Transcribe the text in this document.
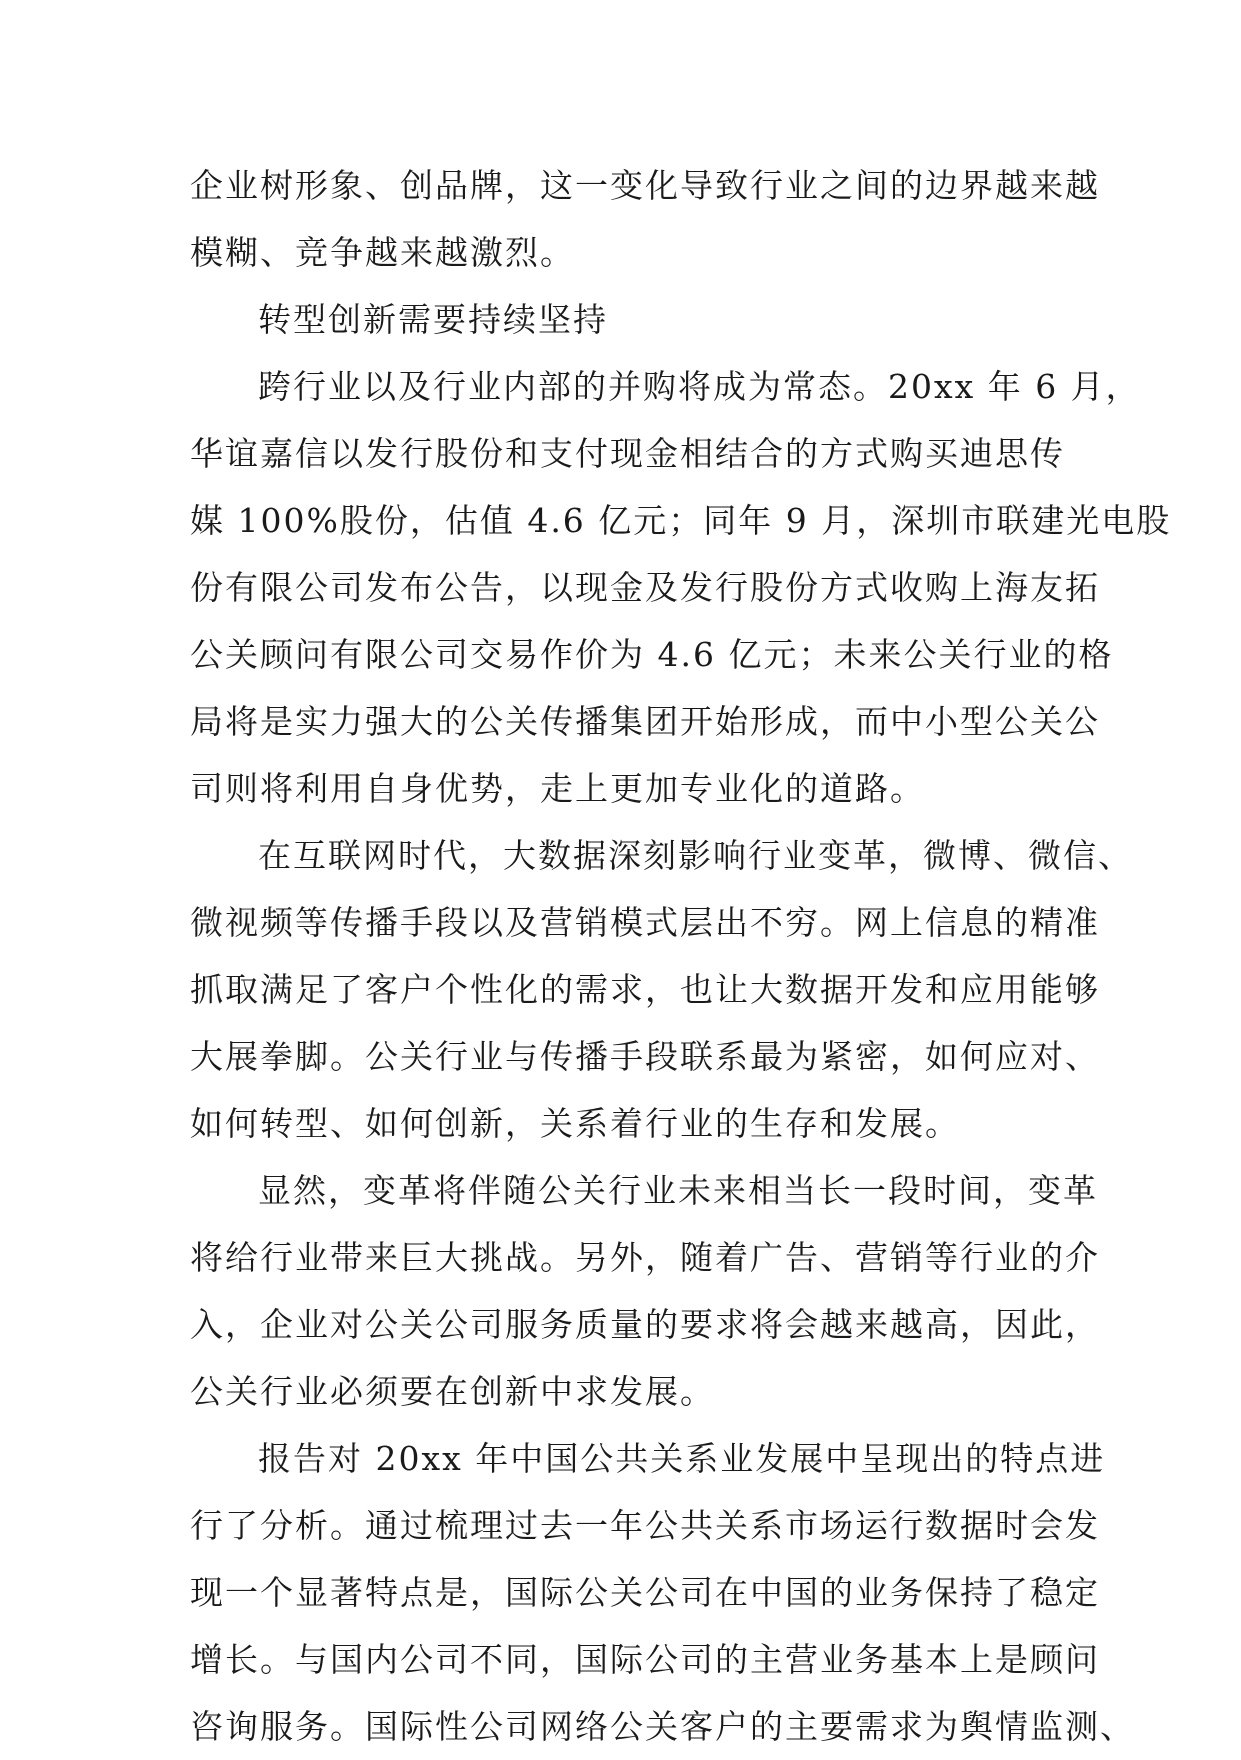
企业树形象、创品牌，这一变化导致行业之间的边界越来越
模糊、竞争越来越激烈。
转型创新需要持续坚持
跨行业以及行业内部的并购将成为常态。20xx 年 6 月，
华谊嘉信以发行股份和支付现金相结合的方式购买迪思传
媒 100%股份，估值 4.6 亿元；同年 9 月，深圳市联建光电股
份有限公司发布公告，以现金及发行股份方式收购上海友拓
公关顾问有限公司交易作价为 4.6 亿元；未来公关行业的格
局将是实力强大的公关传播集团开始形成，而中小型公关公
司则将利用自身优势，走上更加专业化的道路。
在互联网时代，大数据深刻影响行业变革，微博、微信、
微视频等传播手段以及营销模式层出不穷。网上信息的精准
抓取满足了客户个性化的需求，也让大数据开发和应用能够
大展拳脚。公关行业与传播手段联系最为紧密，如何应对、
如何转型、如何创新，关系着行业的生存和发展。
显然，变革将伴随公关行业未来相当长一段时间，变革
将给行业带来巨大挑战。另外，随着广告、营销等行业的介
入，企业对公关公司服务质量的要求将会越来越高，因此，
公关行业必须要在创新中求发展。
报告对 20xx 年中国公共关系业发展中呈现出的特点进
行了分析。通过梳理过去一年公共关系市场运行数据时会发
现一个显著特点是，国际公关公司在中国的业务保持了稳定
增长。与国内公司不同，国际公司的主营业务基本上是顾问
咨询服务。国际性公司网络公关客户的主要需求为舆情监测、
